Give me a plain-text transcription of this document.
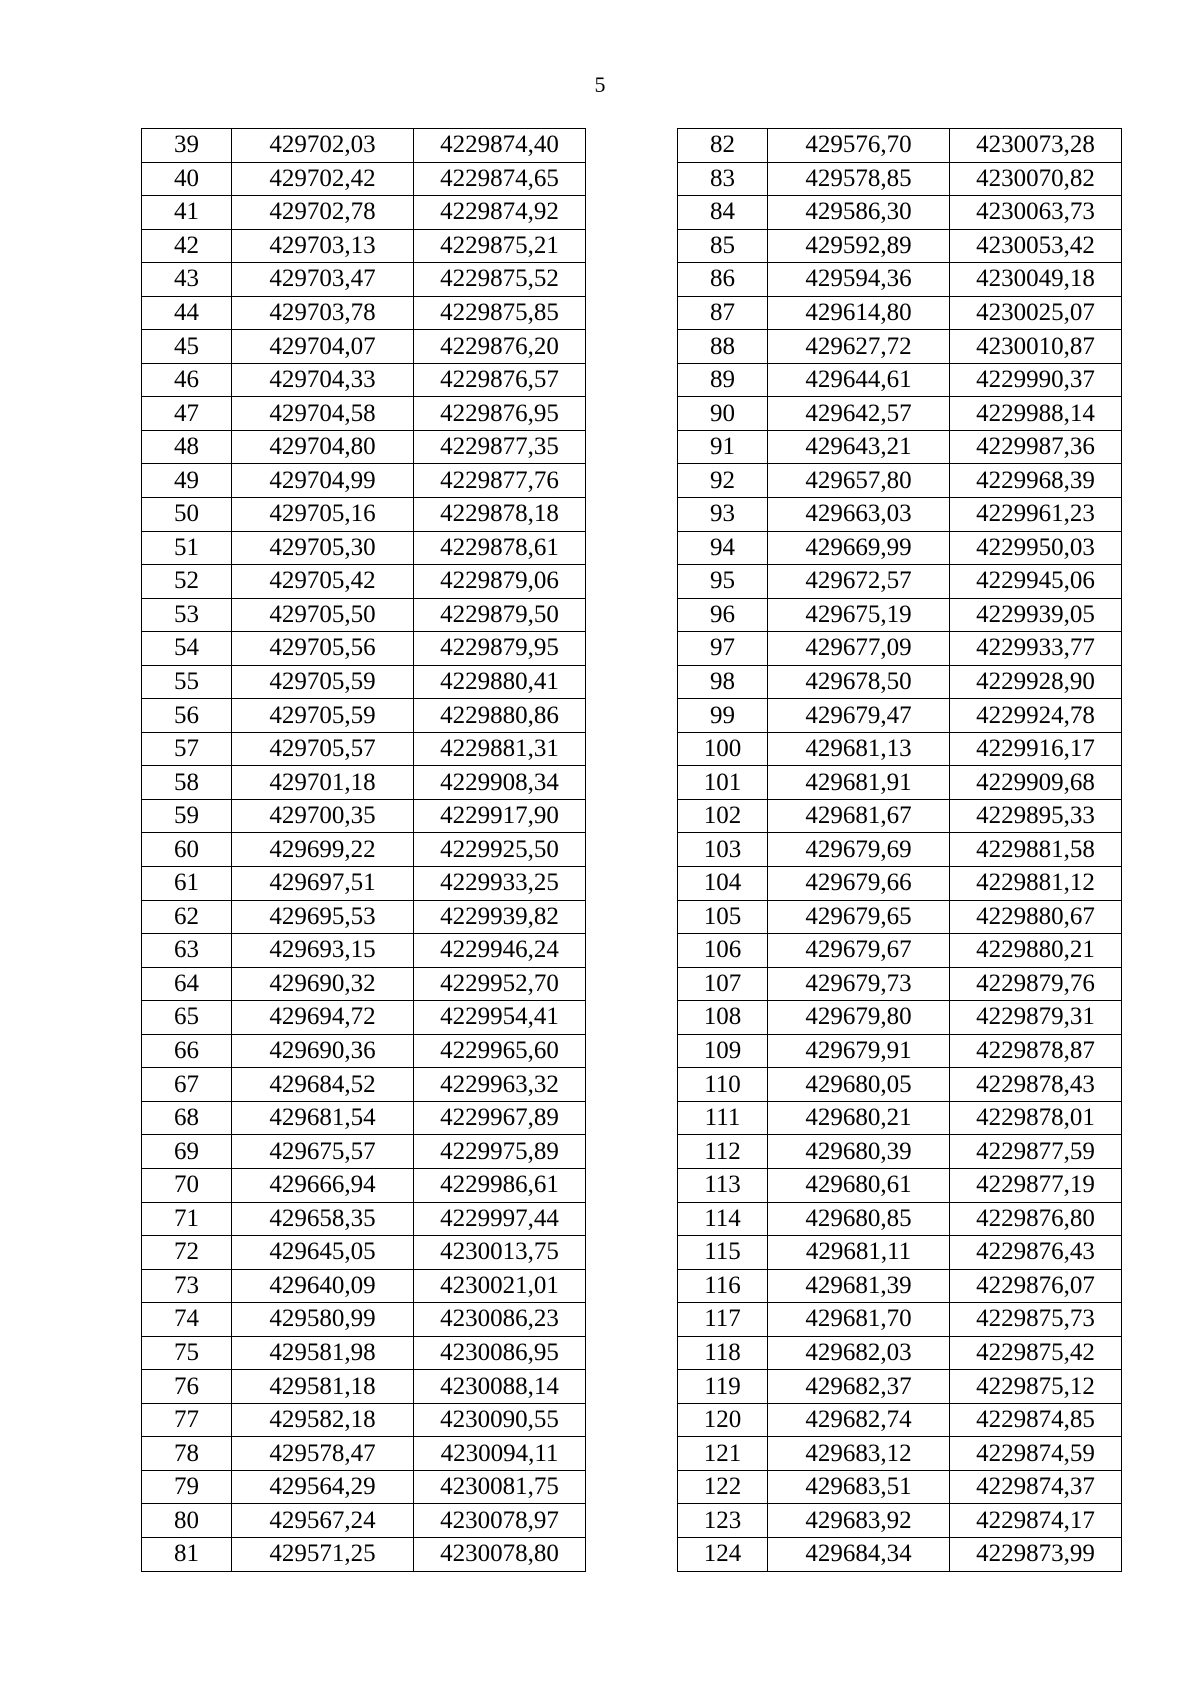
5
39	429702,03	4229874,40
40	429702,42	4229874,65
41	429702,78	4229874,92
42	429703,13	4229875,21
43	429703,47	4229875,52
44	429703,78	4229875,85
45	429704,07	4229876,20
46	429704,33	4229876,57
47	429704,58	4229876,95
48	429704,80	4229877,35
49	429704,99	4229877,76
50	429705,16	4229878,18
51	429705,30	4229878,61
52	429705,42	4229879,06
53	429705,50	4229879,50
54	429705,56	4229879,95
55	429705,59	4229880,41
56	429705,59	4229880,86
57	429705,57	4229881,31
58	429701,18	4229908,34
59	429700,35	4229917,90
60	429699,22	4229925,50
61	429697,51	4229933,25
62	429695,53	4229939,82
63	429693,15	4229946,24
64	429690,32	4229952,70
65	429694,72	4229954,41
66	429690,36	4229965,60
67	429684,52	4229963,32
68	429681,54	4229967,89
69	429675,57	4229975,89
70	429666,94	4229986,61
71	429658,35	4229997,44
72	429645,05	4230013,75
73	429640,09	4230021,01
74	429580,99	4230086,23
75	429581,98	4230086,95
76	429581,18	4230088,14
77	429582,18	4230090,55
78	429578,47	4230094,11
79	429564,29	4230081,75
80	429567,24	4230078,97
81	429571,25	4230078,80
82	429576,70	4230073,28
83	429578,85	4230070,82
84	429586,30	4230063,73
85	429592,89	4230053,42
86	429594,36	4230049,18
87	429614,80	4230025,07
88	429627,72	4230010,87
89	429644,61	4229990,37
90	429642,57	4229988,14
91	429643,21	4229987,36
92	429657,80	4229968,39
93	429663,03	4229961,23
94	429669,99	4229950,03
95	429672,57	4229945,06
96	429675,19	4229939,05
97	429677,09	4229933,77
98	429678,50	4229928,90
99	429679,47	4229924,78
100	429681,13	4229916,17
101	429681,91	4229909,68
102	429681,67	4229895,33
103	429679,69	4229881,58
104	429679,66	4229881,12
105	429679,65	4229880,67
106	429679,67	4229880,21
107	429679,73	4229879,76
108	429679,80	4229879,31
109	429679,91	4229878,87
110	429680,05	4229878,43
111	429680,21	4229878,01
112	429680,39	4229877,59
113	429680,61	4229877,19
114	429680,85	4229876,80
115	429681,11	4229876,43
116	429681,39	4229876,07
117	429681,70	4229875,73
118	429682,03	4229875,42
119	429682,37	4229875,12
120	429682,74	4229874,85
121	429683,12	4229874,59
122	429683,51	4229874,37
123	429683,92	4229874,17
124	429684,34	4229873,99
